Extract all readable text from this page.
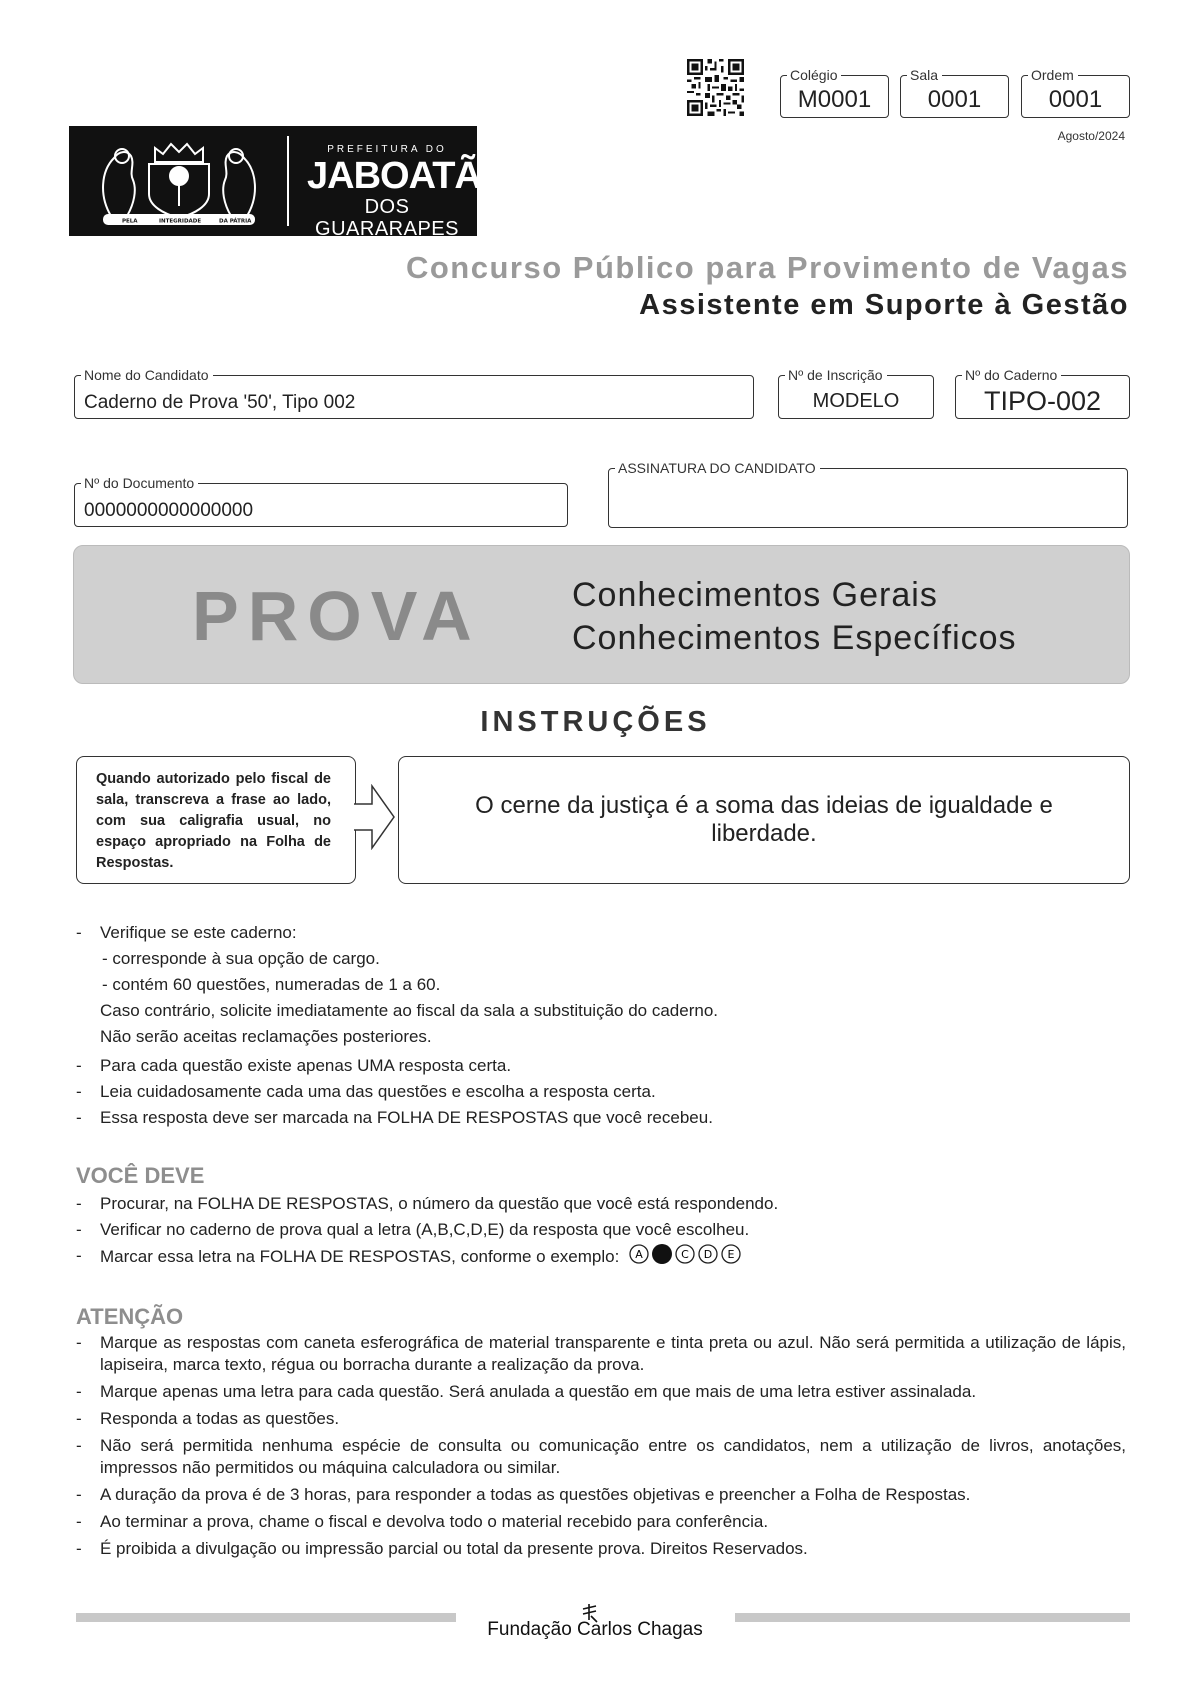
Colégio
M0001
Sala
0001
Ordem
0001
Agosto/2024
PELA	INTEGRIDADE	DA PÁTRIA
PREFEITURA DO
JABOATÃO
DOS GUARARAPES
Concurso Público para Provimento de Vagas
Assistente em Suporte à Gestão
Nome do Candidato
Caderno de Prova '50', Tipo 002
Nº de Inscrição
MODELO
Nº do Caderno
TIPO-002
Nº do Documento
0000000000000000
ASSINATURA DO CANDIDATO
PROVA	Conhecimentos Gerais
Conhecimentos Específicos
INSTRUÇÕES
Quando autorizado pelo fiscal de sala, transcreva a frase ao lado, com sua caligrafia usual, no espaço apropriado na Folha de Respostas.
O cerne da justiça é a soma das ideias de igualdade e liberdade.
- Verifique se este caderno:
- corresponde à sua opção de cargo.
- contém 60 questões, numeradas de 1 a 60.
Caso contrário, solicite imediatamente ao fiscal da sala a substituição do caderno.
Não serão aceitas reclamações posteriores.
- Para cada questão existe apenas UMA resposta certa.
- Leia cuidadosamente cada uma das questões e escolha a resposta certa.
- Essa resposta deve ser marcada na FOLHA DE RESPOSTAS que você recebeu.
VOCÊ DEVE
- Procurar, na FOLHA DE RESPOSTAS, o número da questão que você está respondendo.
- Verificar no caderno de prova qual a letra (A,B,C,D,E) da resposta que você escolheu.
- Marcar essa letra na FOLHA DE RESPOSTAS, conforme o exemplo: A	C D E
ATENÇÃO
- Marque as respostas com caneta esferográfica de material transparente e tinta preta ou azul. Não será permitida a utilização de lápis, lapiseira, marca texto, régua ou borracha durante a realização da prova.
- Marque apenas uma letra para cada questão. Será anulada a questão em que mais de uma letra estiver assinalada.
- Responda a todas as questões.
- Não será permitida nenhuma espécie de consulta ou comunicação entre os candidatos, nem a utilização de livros, anotações, impressos não permitidos ou máquina calculadora ou similar.
- A duração da prova é de 3 horas, para responder a todas as questões objetivas e preencher a Folha de Respostas.
- Ao terminar a prova, chame o fiscal e devolva todo o material recebido para conferência.
- É proibida a divulgação ou impressão parcial ou total da presente prova. Direitos Reservados.
Fundação Carlos Chagas
